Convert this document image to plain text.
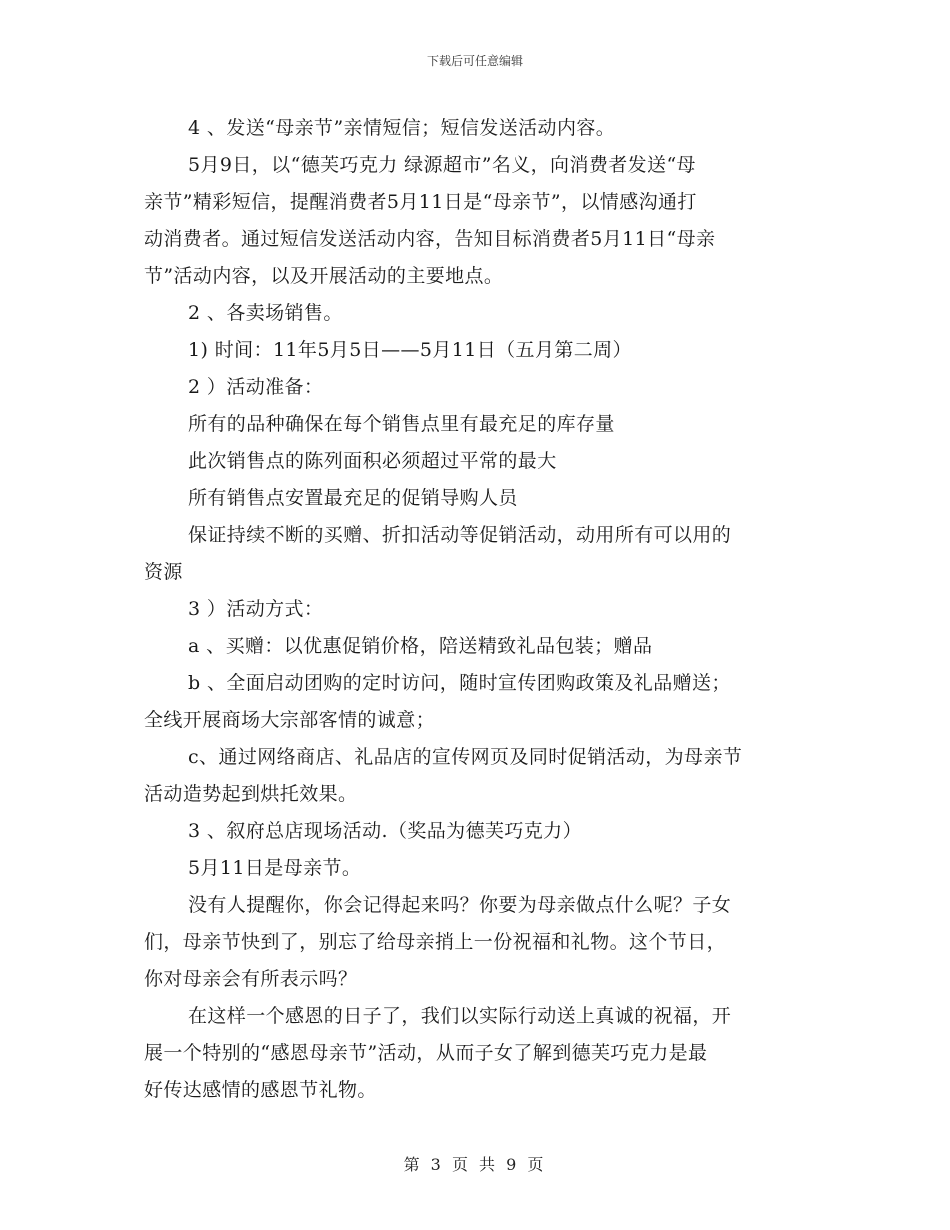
下载后可任意编辑

4 、发送“母亲节”亲情短信；短信发送活动内容。

5月9日，以“德芙巧克力 绿源超市”名义，向消费者发送“母

亲节”精彩短信，提醒消费者5月11日是“母亲节”，以情感沟通打

动消费者。通过短信发送活动内容，告知目标消费者5月11日“母亲

节”活动内容，以及开展活动的主要地点。

2 、各卖场销售。

1) 时间：11年5月5日——5月11日（五月第二周）

2 ）活动准备：

所有的品种确保在每个销售点里有最充足的库存量

此次销售点的陈列面积必须超过平常的最大

所有销售点安置最充足的促销导购人员

保证持续不断的买赠、折扣活动等促销活动，动用所有可以用的

资源

3 ）活动方式：

a 、买赠：以优惠促销价格，陪送精致礼品包装；赠品

b 、全面启动团购的定时访问，随时宣传团购政策及礼品赠送；

全线开展商场大宗部客情的诚意；

c、通过网络商店、礼品店的宣传网页及同时促销活动，为母亲节

活动造势起到烘托效果。

3 、叙府总店现场活动.（奖品为德芙巧克力）

5月11日是母亲节。

没有人提醒你，你会记得起来吗？你要为母亲做点什么呢？子女

们，母亲节快到了，别忘了给母亲捎上一份祝福和礼物。这个节日，

你对母亲会有所表示吗？

在这样一个感恩的日子了，我们以实际行动送上真诚的祝福，开

展一个特别的“感恩母亲节”活动，从而子女了解到德芙巧克力是最

好传达感情的感恩节礼物。

第 3 页 共 9 页
